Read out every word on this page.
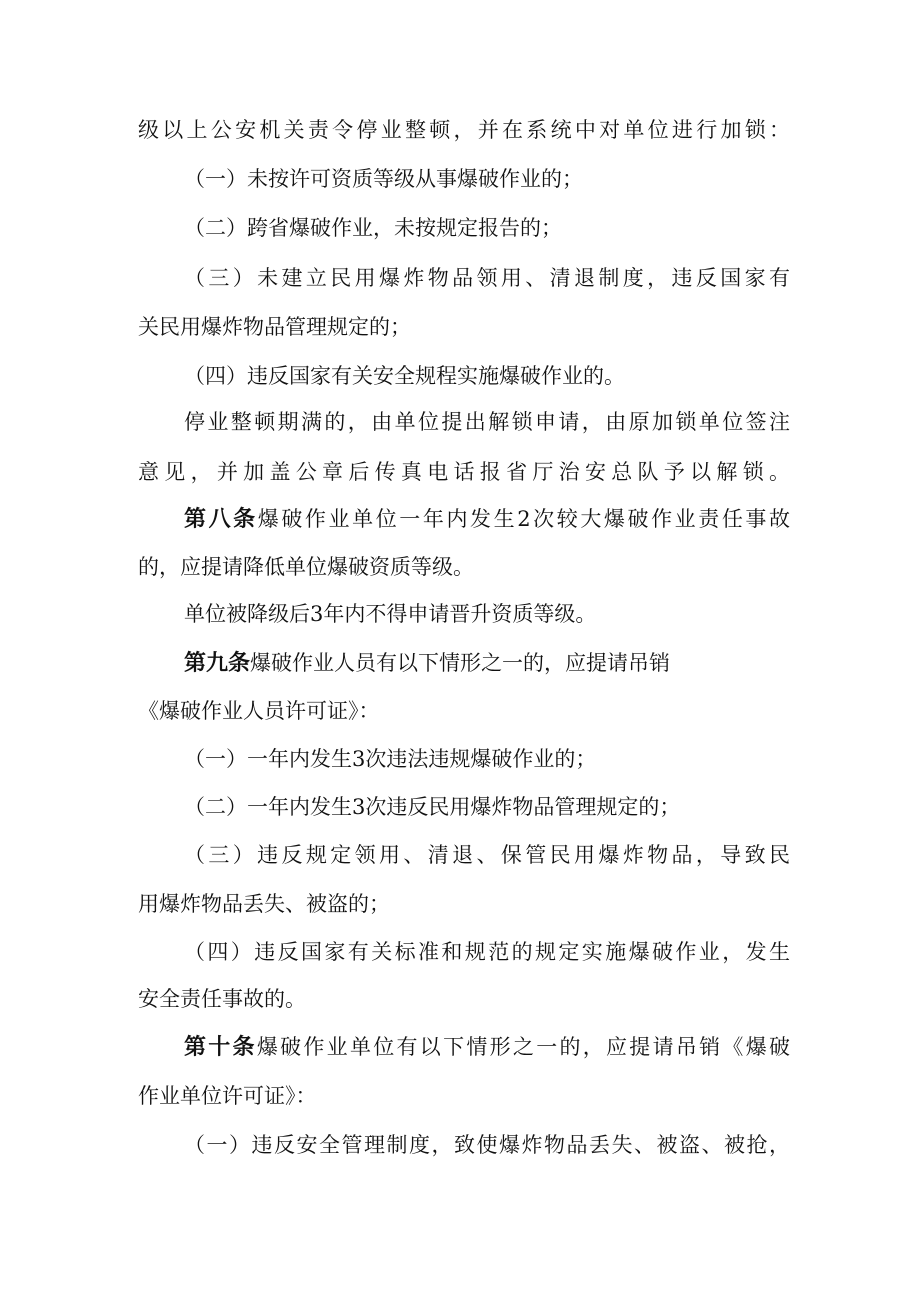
级以上公安机关责令停业整顿，并在系统中对单位进行加锁：
（一）未按许可资质等级从事爆破作业的；
（二）跨省爆破作业，未按规定报告的；
（三）未建立民用爆炸物品领用、清退制度，违反国家有
关民用爆炸物品管理规定的；
（四）违反国家有关安全规程实施爆破作业的。
停业整顿期满的，由单位提出解锁申请，由原加锁单位签注
意见，并加盖公章后传真电话报省厅治安总队予以解锁。
第八条爆破作业单位一年内发生2次较大爆破作业责任事故
的，应提请降低单位爆破资质等级。
单位被降级后3年内不得申请晋升资质等级。
第九条爆破作业人员有以下情形之一的，应提请吊销
《爆破作业人员许可证》：
（一）一年内发生3次违法违规爆破作业的；
（二）一年内发生3次违反民用爆炸物品管理规定的；
（三）违反规定领用、清退、保管民用爆炸物品，导致民
用爆炸物品丢失、被盗的；
（四）违反国家有关标准和规范的规定实施爆破作业，发生
安全责任事故的。
第十条爆破作业单位有以下情形之一的，应提请吊销《爆破
作业单位许可证》：
（一）违反安全管理制度，致使爆炸物品丢失、被盗、被抢，
